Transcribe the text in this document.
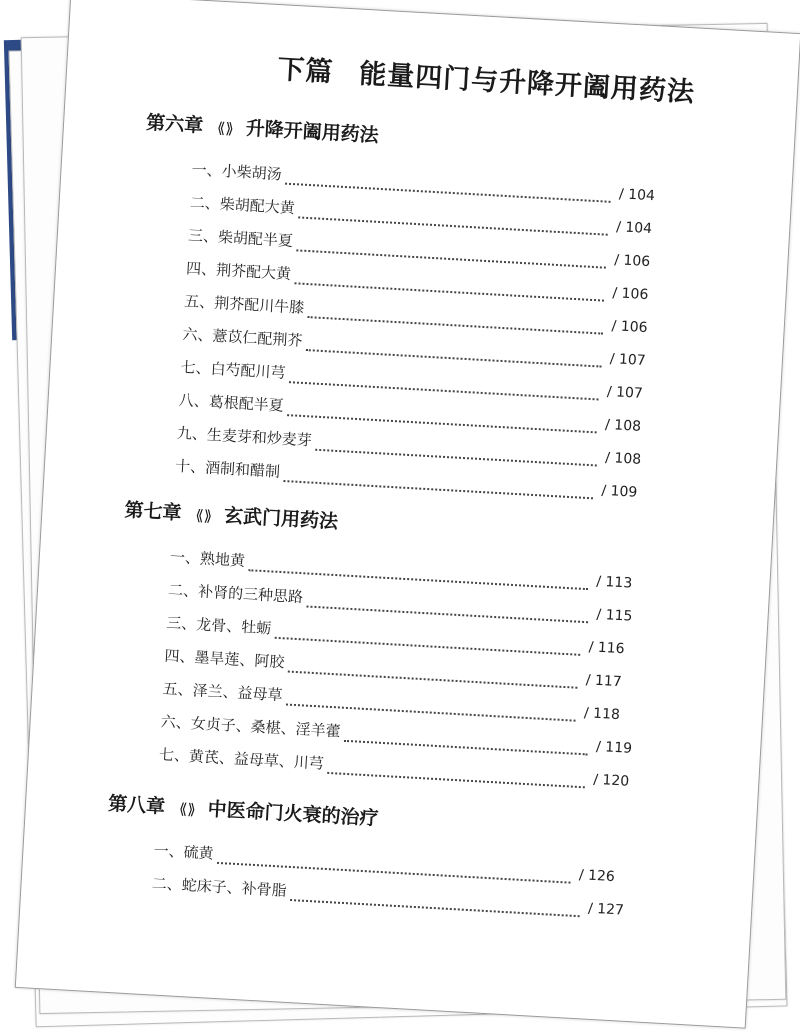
下篇 能量四门与升降开阖用药法
第六章 ⟪⟫ 升降开阖用药法
一、小柴胡汤/ 104
二、柴胡配大黄/ 104
三、柴胡配半夏/ 106
四、荆芥配大黄/ 106
五、荆芥配川牛膝/ 106
六、薏苡仁配荆芥/ 107
七、白芍配川芎/ 107
八、葛根配半夏/ 108
九、生麦芽和炒麦芽/ 108
十、酒制和醋制/ 109
第七章 ⟪⟫ 玄武门用药法
一、熟地黄/ 113
二、补肾的三种思路/ 115
三、龙骨、牡蛎/ 116
四、墨旱莲、阿胶/ 117
五、泽兰、益母草/ 118
六、女贞子、桑椹、淫羊藿/ 119
七、黄芪、益母草、川芎/ 120
第八章 ⟪⟫ 中医命门火衰的治疗
一、硫黄/ 126
二、蛇床子、补骨脂/ 127
